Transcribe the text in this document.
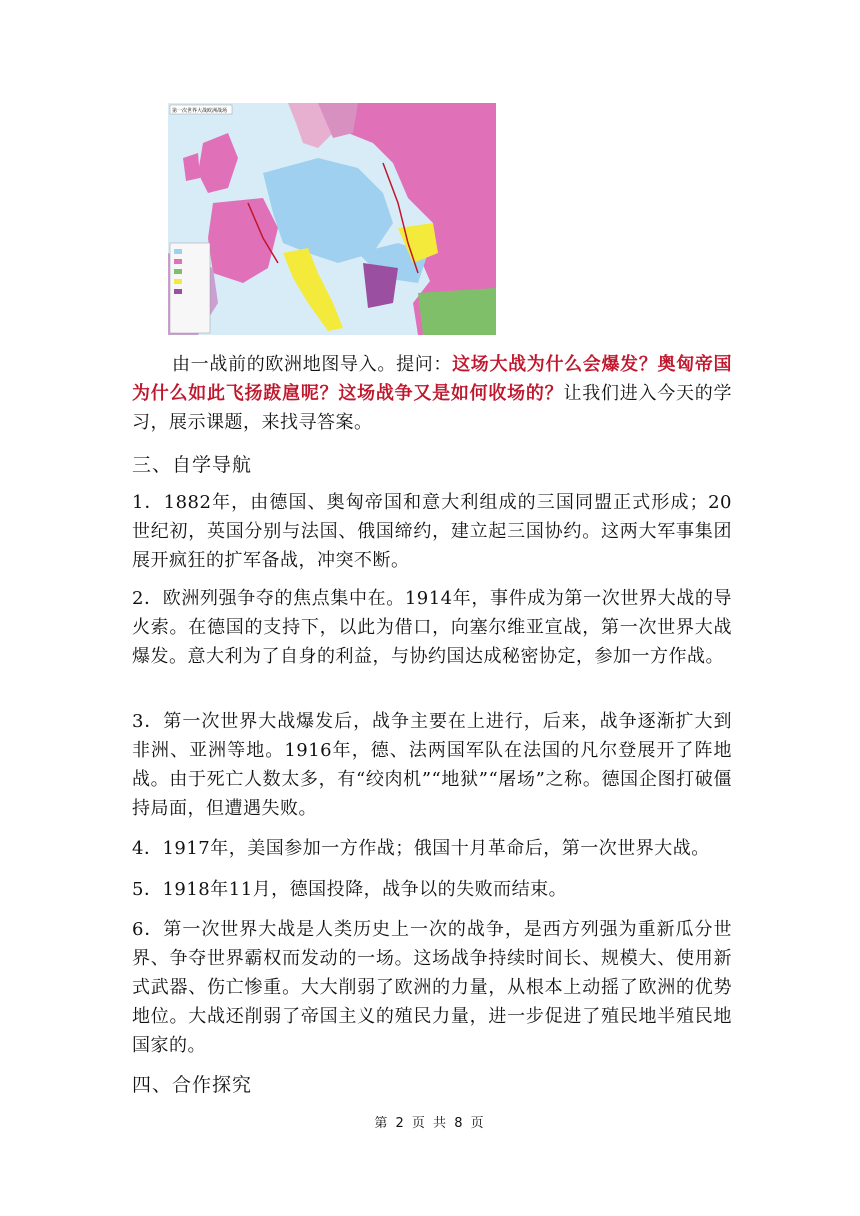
第一次世界大战欧洲战场

由一战前的欧洲地图导入。提问：这场大战为什么会爆发？奥匈帝国为什么如此飞扬跋扈呢？这场战争又是如何收场的？让我们进入今天的学习，展示课题，来找寻答案。

三、自学导航

1．1882年，由德国、奥匈帝国和意大利组成的三国同盟正式形成；20世纪初，英国分别与法国、俄国缔约，建立起三国协约。这两大军事集团展开疯狂的扩军备战，冲突不断。

2．欧洲列强争夺的焦点集中在。1914年，事件成为第一次世界大战的导火索。在德国的支持下，以此为借口，向塞尔维亚宣战，第一次世界大战爆发。意大利为了自身的利益，与协约国达成秘密协定，参加一方作战。

3．第一次世界大战爆发后，战争主要在上进行，后来，战争逐渐扩大到非洲、亚洲等地。1916年，德、法两国军队在法国的凡尔登展开了阵地战。由于死亡人数太多，有“绞肉机”“地狱”“屠场”之称。德国企图打破僵持局面，但遭遇失败。

4．1917年，美国参加一方作战；俄国十月革命后，第一次世界大战。

5．1918年11月，德国投降，战争以的失败而结束。

6．第一次世界大战是人类历史上一次的战争，是西方列强为重新瓜分世界、争夺世界霸权而发动的一场。这场战争持续时间长、规模大、使用新式武器、伤亡惨重。大大削弱了欧洲的力量，从根本上动摇了欧洲的优势地位。大战还削弱了帝国主义的殖民力量，进一步促进了殖民地半殖民地国家的。

四、合作探究

第 2 页 共 8 页
